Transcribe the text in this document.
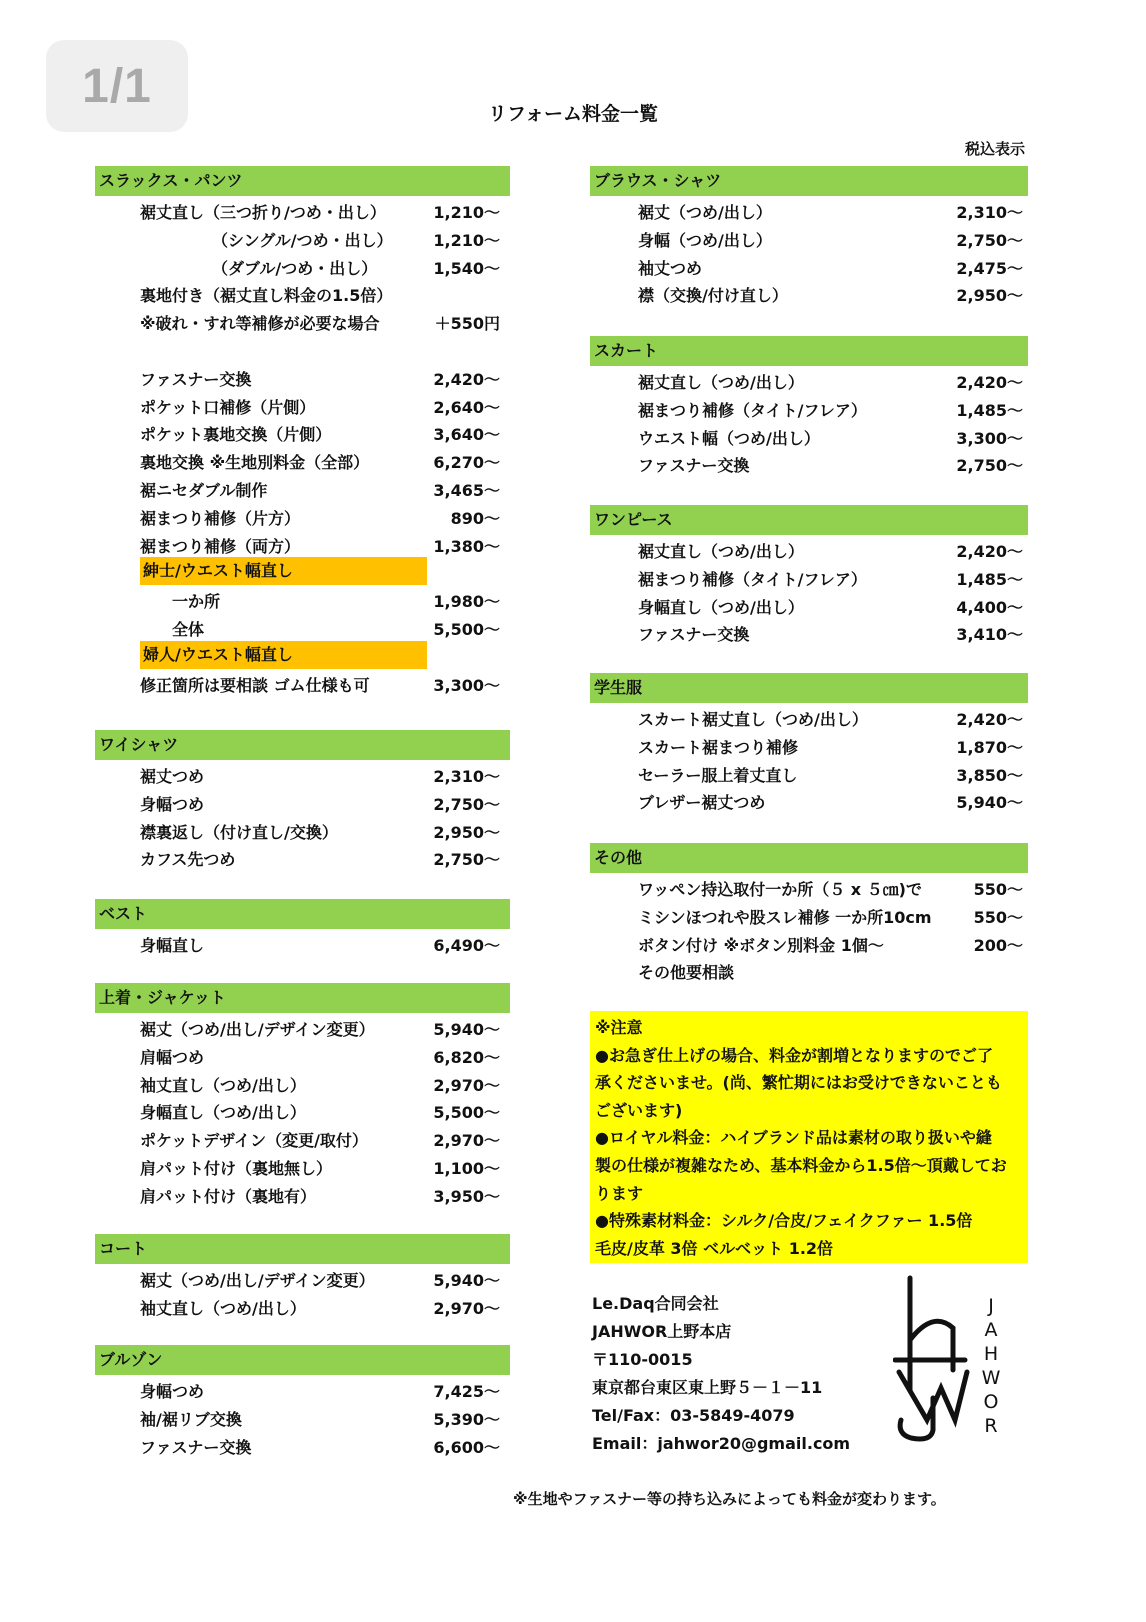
1/1
リフォーム料金一覧
税込表示
スラックス・パンツ
裾丈直し（三つ折り/つめ・出し）	1,210～
（シングル/つめ・出し）	1,210～
（ダブル/つめ・出し）	1,540～
裏地付き（裾丈直し料金の1.5倍）
※破れ・すれ等補修が必要な場合	＋550円
ファスナー交換	2,420～
ポケット口補修（片側）	2,640～
ポケット裏地交換（片側）	3,640～
裏地交換 ※生地別料金（全部）	6,270～
裾ニセダブル制作	3,465～
裾まつり補修（片方）	890～
裾まつり補修（両方）	1,380～
紳士/ウエスト幅直し
一か所	1,980～
全体	5,500～
婦人/ウエスト幅直し
修正箇所は要相談 ゴム仕様も可	3,300～
ワイシャツ
裾丈つめ	2,310～
身幅つめ	2,750～
襟裏返し（付け直し/交換）	2,950～
カフス先つめ	2,750～
ベスト
身幅直し	6,490～
上着・ジャケット
裾丈（つめ/出し/デザイン変更）	5,940～
肩幅つめ	6,820～
袖丈直し（つめ/出し）	2,970～
身幅直し（つめ/出し）	5,500～
ポケットデザイン（変更/取付）	2,970～
肩パット付け（裏地無し）	1,100～
肩パット付け（裏地有）	3,950～
コート
裾丈（つめ/出し/デザイン変更）	5,940～
袖丈直し（つめ/出し）	2,970～
ブルゾン
身幅つめ	7,425～
袖/裾リブ交換	5,390～
ファスナー交換	6,600～
ブラウス・シャツ
裾丈（つめ/出し）	2,310～
身幅（つめ/出し）	2,750～
袖丈つめ	2,475～
襟（交換/付け直し）	2,950～
スカート
裾丈直し（つめ/出し）	2,420～
裾まつり補修（タイト/フレア）	1,485～
ウエスト幅（つめ/出し）	3,300～
ファスナー交換	2,750～
ワンピース
裾丈直し（つめ/出し）	2,420～
裾まつり補修（タイト/フレア）	1,485～
身幅直し（つめ/出し）	4,400～
ファスナー交換	3,410～
学生服
スカート裾丈直し（つめ/出し）	2,420～
スカート裾まつり補修	1,870～
セーラー服上着丈直し	3,850～
ブレザー裾丈つめ	5,940～
その他
ワッペン持込取付一か所（５ x ５㎝)で	550～
ミシンほつれや股スレ補修 一か所10cm	550～
ボタン付け ※ボタン別料金 1個～	200～
その他要相談
※注意
●お急ぎ仕上げの場合、料金が割増となりますのでご了
承くださいませ。(尚、繁忙期にはお受けできないことも
ございます)
●ロイヤル料金：ハイブランド品は素材の取り扱いや縫
製の仕様が複雑なため、基本料金から1.5倍～頂戴してお
ります
●特殊素材料金：シルク/合皮/フェイクファー 1.5倍
毛皮/皮革 3倍 ベルベット 1.2倍
Le.Daq合同会社
JAHWOR上野本店
〒110-0015
東京都台東区東上野５－１－11
Tel/Fax：03-5849-4079
Email：jahwor20@gmail.com
J
A
H
W
O
R
※生地やファスナー等の持ち込みによっても料金が変わります。
